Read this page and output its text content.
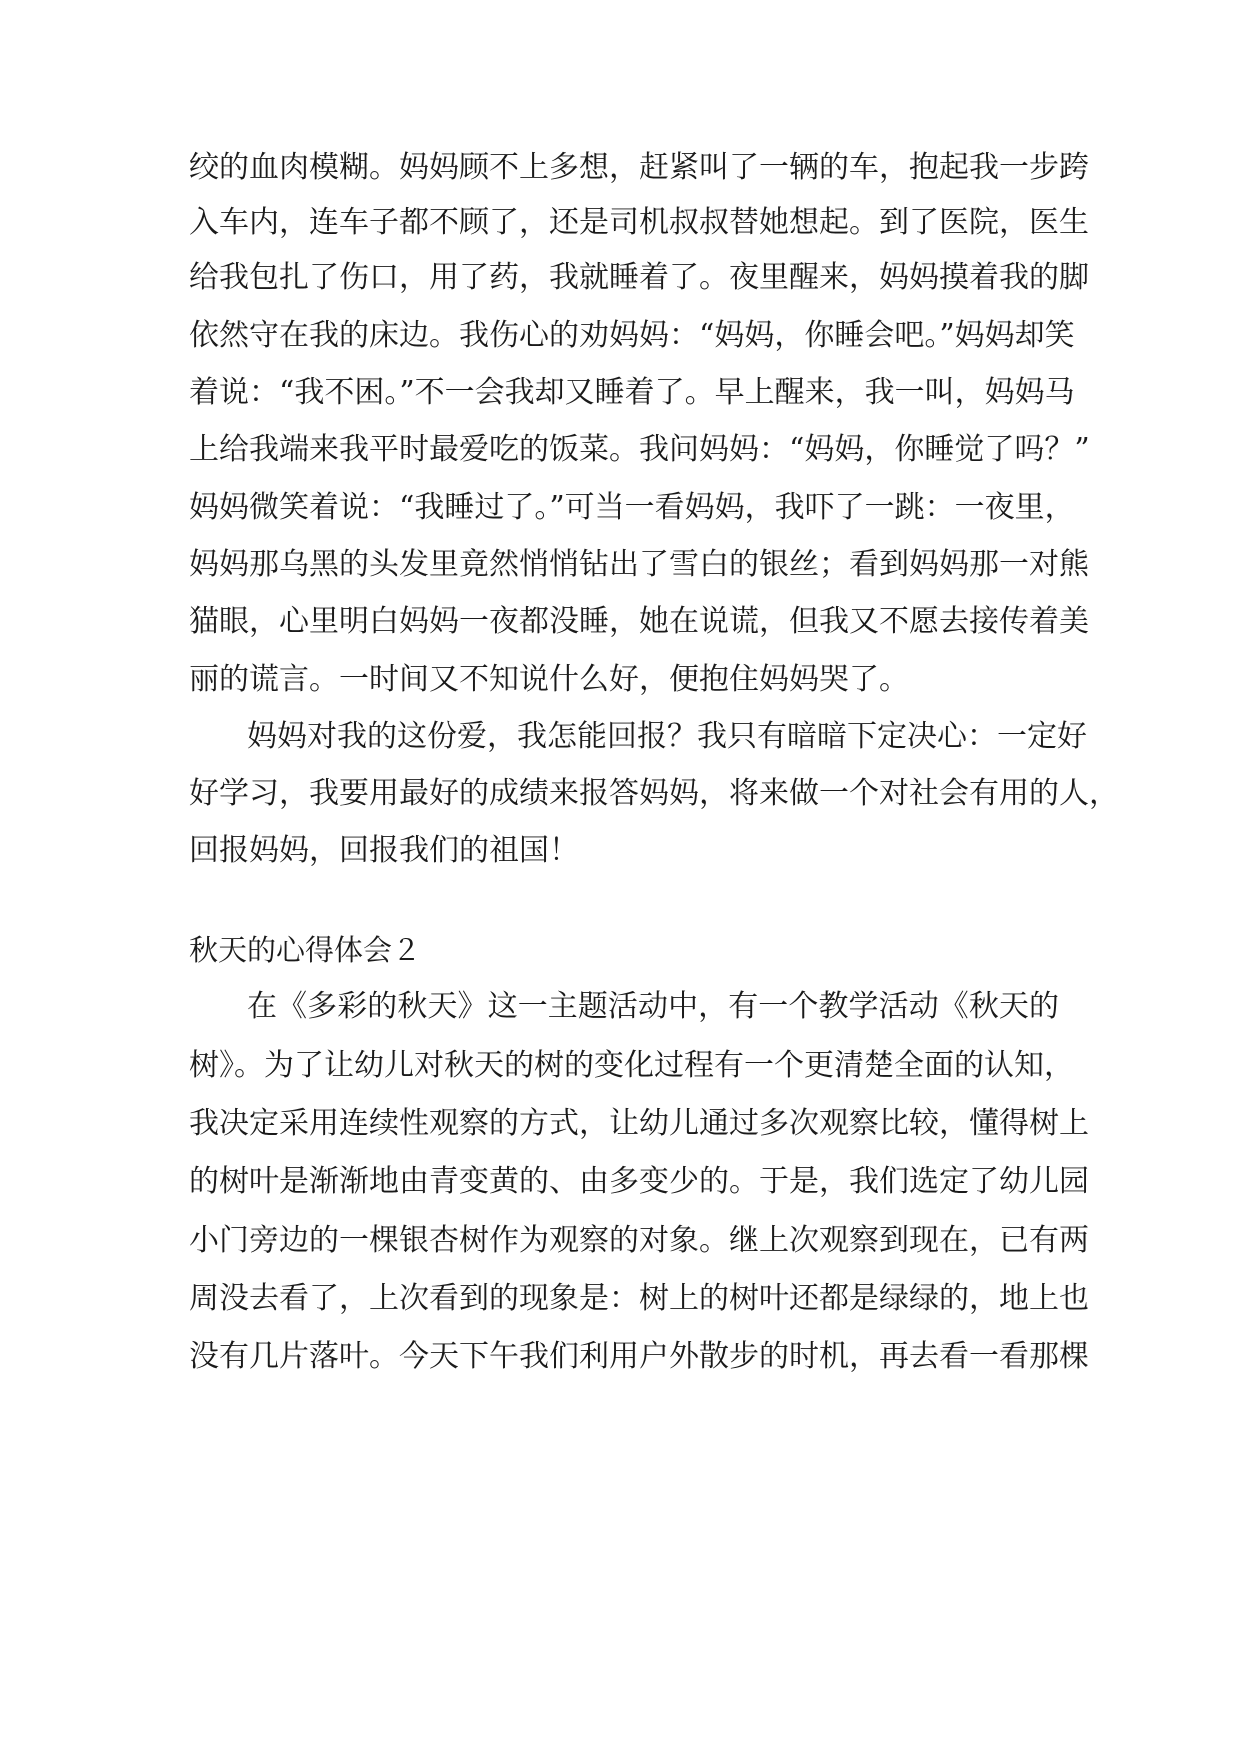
绞的血肉模糊。妈妈顾不上多想，赶紧叫了一辆的车，抱起我一步跨

入车内，连车子都不顾了，还是司机叔叔替她想起。到了医院，医生

给我包扎了伤口，用了药，我就睡着了。夜里醒来，妈妈摸着我的脚

依然守在我的床边。我伤心的劝妈妈：“妈妈，你睡会吧。”妈妈却笑

着说：“我不困。”不一会我却又睡着了。早上醒来，我一叫，妈妈马

上给我端来我平时最爱吃的饭菜。我问妈妈：“妈妈，你睡觉了吗？”

妈妈微笑着说：“我睡过了。”可当一看妈妈，我吓了一跳：一夜里，

妈妈那乌黑的头发里竟然悄悄钻出了雪白的银丝；看到妈妈那一对熊

猫眼，心里明白妈妈一夜都没睡，她在说谎，但我又不愿去接传着美

丽的谎言。一时间又不知说什么好，便抱住妈妈哭了。

妈妈对我的这份爱，我怎能回报？我只有暗暗下定决心：一定好

好学习，我要用最好的成绩来报答妈妈，将来做一个对社会有用的人，

回报妈妈，回报我们的祖国！

秋天的心得体会２

在《多彩的秋天》这一主题活动中，有一个教学活动《秋天的

树》。为了让幼儿对秋天的树的变化过程有一个更清楚全面的认知，

我决定采用连续性观察的方式，让幼儿通过多次观察比较，懂得树上

的树叶是渐渐地由青变黄的、由多变少的。于是，我们选定了幼儿园

小门旁边的一棵银杏树作为观察的对象。继上次观察到现在，已有两

周没去看了，上次看到的现象是：树上的树叶还都是绿绿的，地上也

没有几片落叶。今天下午我们利用户外散步的时机，再去看一看那棵
